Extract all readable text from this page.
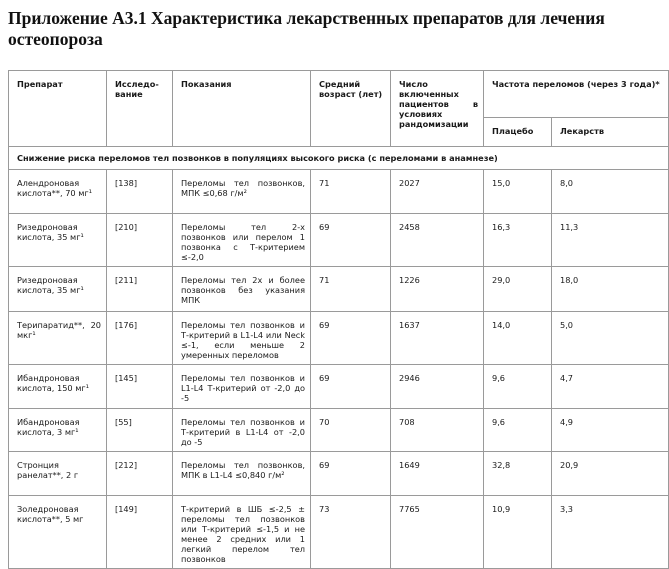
Приложение А3.1 Характеристика лекарственных препаратов для лечения остеопороза
Препарат	Исследо-вание	Показания	Средний возраст (лет)	Число включенных пациентов в условиях рандомизации	Частота переломов (через 3 года)*	
					Плацебо	Лекарств
Снижение риска переломов тел позвонков в популяциях высокого риска (с переломами в анамнезе)						
Алендроновая кислота**, 70 мг¹	[138]	Переломы тел позвонков, МПК ≤0,68 г/м²	71	2027	15,0	8,0
Ризедроновая кислота, 35 мг¹	[210]	Переломы тел 2-х позвонков или перелом 1 позвонка с Т-критерием ≤-2,0	69	2458	16,3	11,3
Ризедроновая кислота, 35 мг¹	[211]	Переломы тел 2х и более позвонков без указания МПК	71	1226	29,0	18,0
Терипаратид**, 20 мкг¹	[176]	Переломы тел позвонков и Т-критерий в L1-L4 или Neck ≤-1, если меньше 2 умеренных переломов	69	1637	14,0	5,0
Ибандроновая кислота, 150 мг¹	[145]	Переломы тел позвонков и L1-L4 Т-критерий от -2,0 до -5	69	2946	9,6	4,7
Ибандроновая кислота, 3 мг¹	[55]	Переломы тел позвонков и Т-критерий в L1-L4 от -2,0 до -5	70	708	9,6	4,9
Стронция ранелат**, 2 г	[212]	Переломы тел позвонков, МПК в L1-L4 ≤0,840 г/м²	69	1649	32,8	20,9
Золедроновая кислота**, 5 мг	[149]	Т-критерий в ШБ ≤-2,5 ± переломы тел позвонков или Т-критерий ≤-1,5 и не менее 2 средних или 1 легкий перелом тел позвонков	73	7765	10,9	3,3
